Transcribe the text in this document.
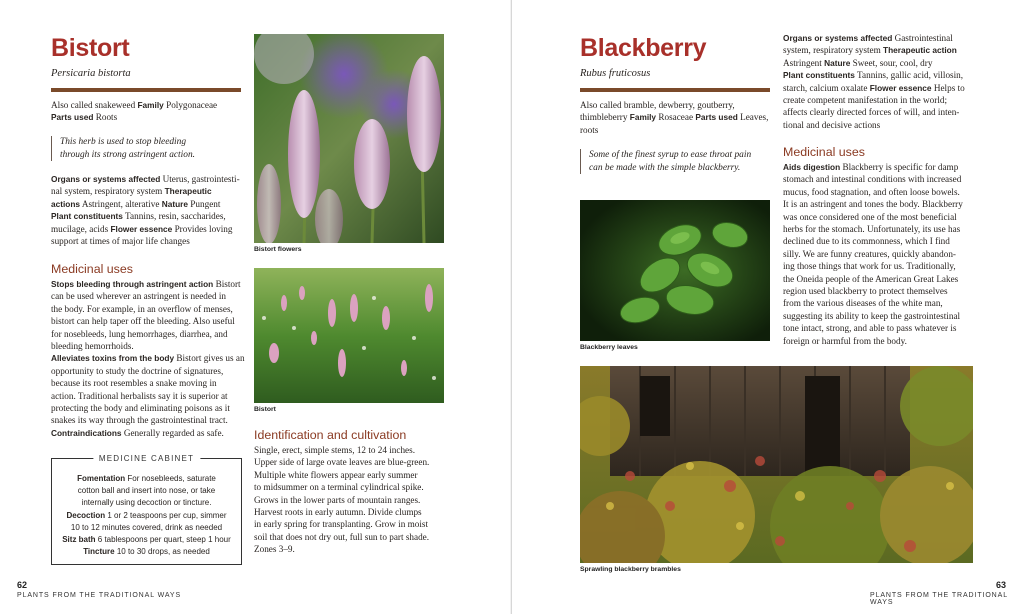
Bistort
Persicaria bistorta
Also called snakeweed Family Polygonaceae
Parts used Roots
This herb is used to stop bleeding
through its strong astringent action.
Organs or systems affected Uterus, gastrointesti-
nal system, respiratory system Therapeutic
actions Astringent, alterative Nature Pungent
Plant constituents Tannins, resin, saccharides,
mucilage, acids Flower essence Provides loving
support at times of major life changes
Medicinal uses
Stops bleeding through astringent action Bistort
can be used wherever an astringent is needed in
the body. For example, in an overflow of menses,
bistort can help taper off the bleeding. Also useful
for nosebleeds, lung hemorrhages, diarrhea, and
bleeding hemorrhoids.
Alleviates toxins from the body Bistort gives us an
opportunity to study the doctrine of signatures,
because its root resembles a snake moving in
action. Traditional herbalists say it is superior at
protecting the body and eliminating poisons as it
snakes its way through the gastrointestinal tract.
Contraindications Generally regarded as safe.
MEDICINE CABINET
Fomentation For nosebleeds, saturate
cotton ball and insert into nose, or take
internally using decoction or tincture.
Decoction 1 or 2 teaspoons per cup, simmer
10 to 12 minutes covered, drink as needed
Sitz bath 6 tablespoons per quart, steep 1 hour
Tincture 10 to 30 drops, as needed
Bistort flowers
Bistort
Identification and cultivation
Single, erect, simple stems, 12 to 24 inches.
Upper side of large ovate leaves are blue-green.
Multiple white flowers appear early summer
to midsummer on a terminal cylindrical spike.
Grows in the lower parts of mountain ranges.
Harvest roots in early autumn. Divide clumps
in early spring for transplanting. Grow in moist
soil that does not dry out, full sun to part shade.
Zones 3–9.
62
PLANTS FROM THE TRADITIONAL WAYS
Blackberry
Rubus fruticosus
Also called bramble, dewberry, goutberry,
thimbleberry Family Rosaceae Parts used Leaves,
roots
Some of the finest syrup to ease throat pain
can be made with the simple blackberry.
Blackberry leaves
Organs or systems affected Gastrointestinal
system, respiratory system Therapeutic action
Astringent Nature Sweet, sour, cool, dry
Plant constituents Tannins, gallic acid, villosin,
starch, calcium oxalate Flower essence Helps to
create competent manifestation in the world;
affects clearly directed forces of will, and inten-
tional and decisive actions
Medicinal uses
Aids digestion Blackberry is specific for damp
stomach and intestinal conditions with increased
mucus, food stagnation, and often loose bowels.
It is an astringent and tones the body. Blackberry
was once considered one of the most beneficial
herbs for the stomach. Unfortunately, its use has
declined due to its commonness, which I find
silly. We are funny creatures, quickly abandon-
ing those things that work for us. Traditionally,
the Oneida people of the American Great Lakes
region used blackberry to protect themselves
from the various diseases of the white man,
suggesting its ability to keep the gastrointestinal
tone intact, strong, and able to pass whatever is
foreign or harmful from the body.
Sprawling blackberry brambles
63
PLANTS FROM THE TRADITIONAL WAYS
